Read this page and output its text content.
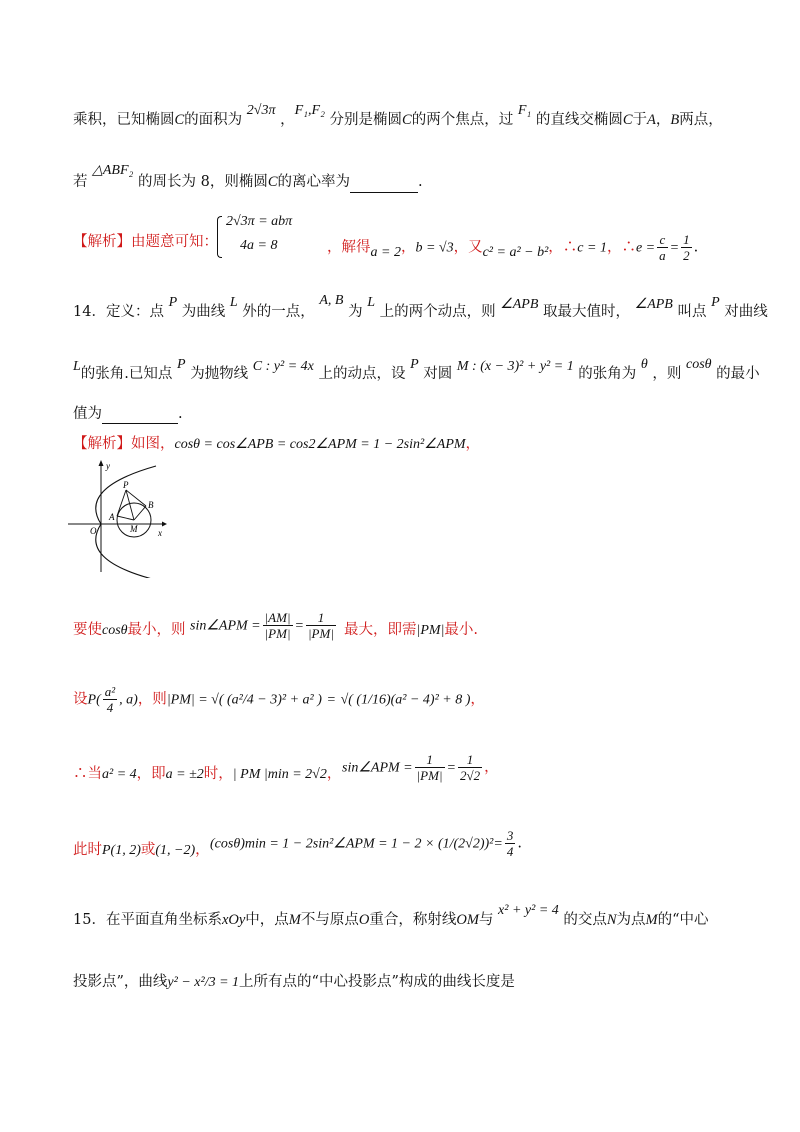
乘积，已知椭圆C的面积为 2√3π ，F₁,F₂ 分别是椭圆C的两个焦点，过 F₁ 的直线交椭圆C于A，B两点，
若 △ABF₂ 的周长为 8，则椭圆C的离心率为	.
【解析】由题意可知：
2√3π = abπ
4a = 8	，解得a = 2，b = √3，又c² = a² − b²，∴c = 1，∴e = $\frac{c}{a} = \frac{1}{2}$ .
14．定义：点 P 为曲线 L 外的一点， A, B 为 L 上的两个动点，则 ∠APB 取最大值时， ∠APB 叫点 P 对曲线
L的张角.已知点 P 为抛物线 C : y² = 4x 上的动点，设 P 对圆 M : (x − 3)² + y² = 1 的张角为 θ ，则 cosθ 的最小
值为	.
【解析】如图，cosθ = cos∠APB = cos2∠APM = 1 − 2sin²∠APM，
y
x
O
P
A
B
M
要使cosθ最小，则 sin∠APM = $\frac{|AM|}{|PM|} = \frac{1}{|PM|}$ 最大，即需|PM|最小.
设$P( \frac{\text{a²}}{4}$ , a)，则|PM| = √( (a²/4 − 3)² + a² ) = √( (1/16)(a² − 4)² + 8 )，
∴当a² = 4，即a = ±2时，| PM |min = 2√2， sin∠APM = $\frac{1}{|PM|} = \frac{1}{2√2}$ ，
此时P(1, 2)或(1, −2)， (cosθ)min = 1 − 2sin²∠APM = $1 - 2 \times (1/(2√2))^2= \frac{3}{4}$ .
15．在平面直角坐标系xOy中，点M不与原点O重合，称射线OM与 x² + y² = 4 的交点N为点M的“中心
投影点”，曲线y² − x²/3 = 1上所有点的“中心投影点”构成的曲线长度是
